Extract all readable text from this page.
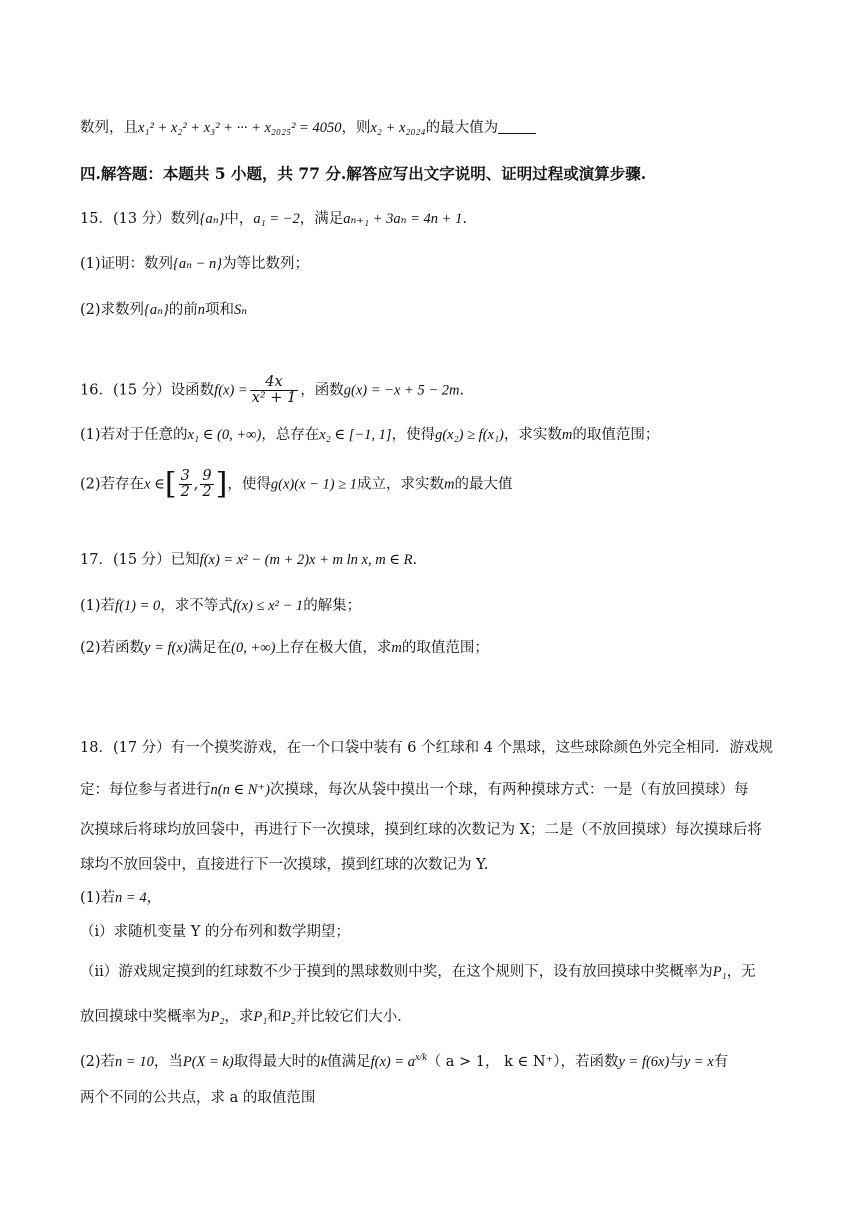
数列，且x₁² + x₂² + x₃² + ··· + x₂₀₂₅² = 4050，则x₂ + x₂₀₂₄的最大值为
四.解答题：本题共 5 小题，共 77 分.解答应写出文字说明、证明过程或演算步骤.
15．(13 分）数列{aₙ}中，a₁ = −2，满足aₙ₊₁ + 3aₙ = 4n + 1.
(1)证明：数列{aₙ − n}为等比数列；
(2)求数列{aₙ}的前n项和Sₙ
16．(15 分）设函数$f(x) = \frac{4x}{\text{x² + 1}}$ ，函数g(x) = −x + 5 − 2m.
(1)若对于任意的x₁ ∈ (0, +∞)，总存在x₂ ∈ [−1, 1]，使得g(x₂) ≥ f(x₁)，求实数m的取值范围；
(2)若存在x ∈[ $\frac{3}{2}$ , $\frac{9}{2}$ ]，使得g(x)(x − 1) ≥ 1成立，求实数m的最大值
17．(15 分）已知f(x) = x² − (m + 2)x + m ln x, m ∈ R.
(1)若f(1) = 0，求不等式f(x) ≤ x² − 1的解集；
(2)若函数y = f(x)满足在(0, +∞)上存在极大值，求m的取值范围；
18．(17 分）有一个摸奖游戏，在一个口袋中装有 6 个红球和 4 个黑球，这些球除颜色外完全相同．游戏规
定：每位参与者进行n(n ∈ N⁺)次摸球，每次从袋中摸出一个球，有两种摸球方式：一是（有放回摸球）每
次摸球后将球均放回袋中，再进行下一次摸球，摸到红球的次数记为 X；二是（不放回摸球）每次摸球后将
球均不放回袋中，直接进行下一次摸球，摸到红球的次数记为 Y.
(1)若n = 4，
（i）求随机变量 Y 的分布列和数学期望；
（ii）游戏规定摸到的红球数不少于摸到的黑球数则中奖，在这个规则下，设有放回摸球中奖概率为P₁，无
放回摸球中奖概率为P₂，求P₁和P₂并比较它们大小．
(2)若n = 10，当P(X = k)取得最大时的k值满足$f(x) = a^{x/k}$（ a > 1， k ∈ N⁺），若函数y = f(6x)与y = x有
两个不同的公共点，求 a 的取值范围
